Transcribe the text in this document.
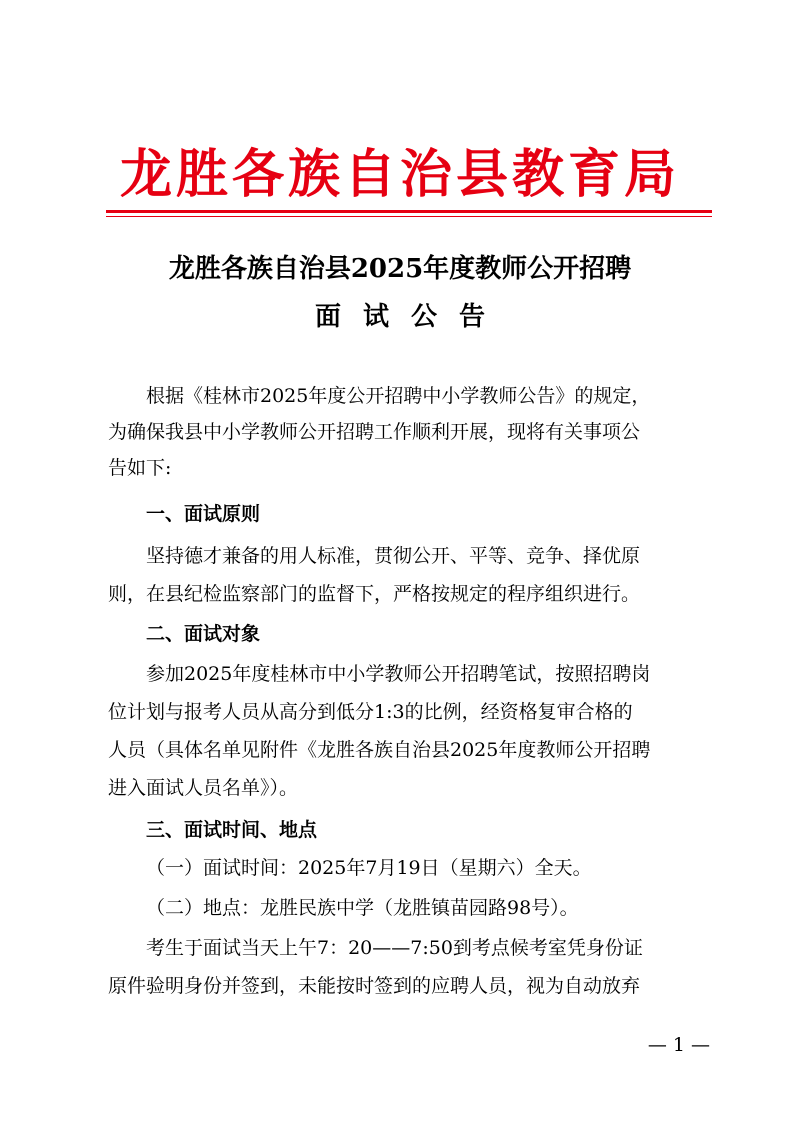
龙胜各族自治县教育局
龙胜各族自治县2025年度教师公开招聘
面试公告
根据《桂林市2025年度公开招聘中小学教师公告》的规定，
为确保我县中小学教师公开招聘工作顺利开展，现将有关事项公
告如下:
一、面试原则
坚持德才兼备的用人标准，贯彻公开、平等、竞争、择优原
则，在县纪检监察部门的监督下，严格按规定的程序组织进行。
二、面试对象
参加2025年度桂林市中小学教师公开招聘笔试，按照招聘岗
位计划与报考人员从高分到低分1:3的比例，经资格复审合格的
人员（具体名单见附件《龙胜各族自治县2025年度教师公开招聘
进入面试人员名单》）。
三、面试时间、地点
（一）面试时间：2025年7月19日（星期六）全天。
（二）地点：龙胜民族中学（龙胜镇苗园路98号）。
考生于面试当天上午7：20——7:50到考点候考室凭身份证
原件验明身份并签到，未能按时签到的应聘人员，视为自动放弃
— 1 —
